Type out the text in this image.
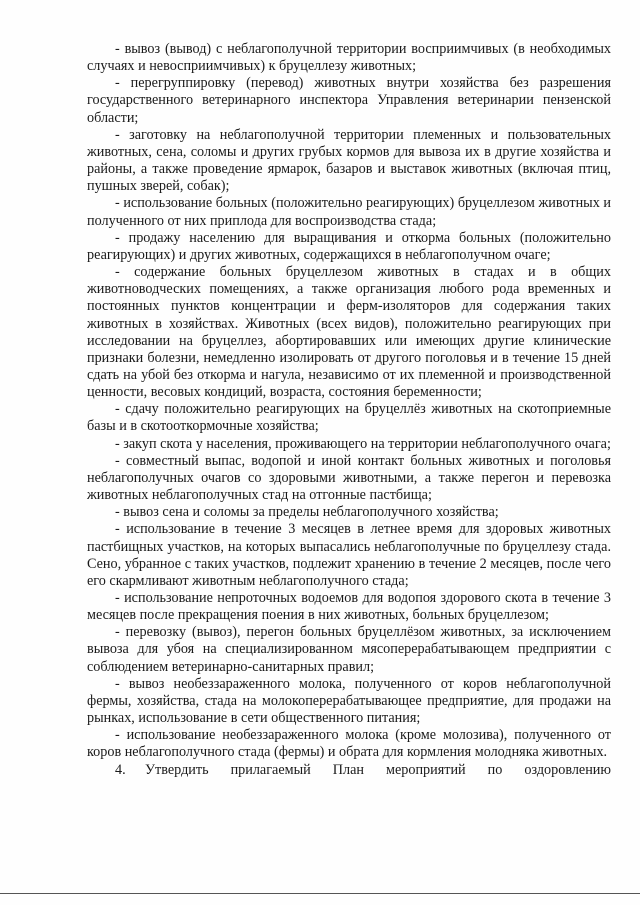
- вывоз (вывод) с неблагополучной территории восприимчивых (в необходимых случаях и невосприимчивых) к бруцеллезу животных;

- перегруппировку (перевод) животных внутри хозяйства без разрешения государственного ветеринарного инспектора Управления ветеринарии пензенской области;

- заготовку на неблагополучной территории племенных и пользовательных животных, сена, соломы и других грубых кормов для вывоза их в другие хозяйства и районы, а также проведение ярмарок, базаров и выставок животных (включая птиц, пушных зверей, собак);

- использование больных (положительно реагирующих) бруцеллезом животных и полученного от них приплода для воспроизводства стада;

- продажу населению для выращивания и откорма больных (положительно реагирующих) и других животных, содержащихся в неблагополучном очаге;

- содержание больных бруцеллезом животных в стадах и в общих животноводческих помещениях, а также организация любого рода временных и постоянных пунктов концентрации и ферм-изоляторов для содержания таких животных в хозяйствах. Животных (всех видов), положительно реагирующих при исследовании на бруцеллез, абортировавших или имеющих другие клинические признаки болезни, немедленно изолировать от другого поголовья и в течение 15 дней сдать на убой без откорма и нагула, независимо от их племенной и производственной ценности, весовых кондиций, возраста, состояния беременности;

- сдачу положительно реагирующих на бруцеллёз животных на скотоприемные базы и в скотооткормочные хозяйства;

- закуп скота у населения, проживающего на территории неблагополучного очага;

- совместный выпас, водопой и иной контакт больных животных и поголовья неблагополучных очагов со здоровыми животными, а также перегон и перевозка животных неблагополучных стад на отгонные пастбища;

- вывоз сена и соломы за пределы неблагополучного хозяйства;

- использование в течение 3 месяцев в летнее время для здоровых животных пастбищных участков, на которых выпасались неблагополучные по бруцеллезу стада. Сено, убранное с таких участков, подлежит хранению в течение 2 месяцев, после чего его скармливают животным неблагополучного стада;

- использование непроточных водоемов для водопоя здорового скота в течение 3 месяцев после прекращения поения в них животных, больных бруцеллезом;

- перевозку (вывоз), перегон больных бруцеллёзом животных, за исключением вывоза для убоя на специализированном мясоперерабатывающем предприятии с соблюдением ветеринарно-санитарных правил;

- вывоз необеззараженного молока, полученного от коров неблагополучной фермы, хозяйства, стада на молокоперерабатывающее предприятие, для продажи на рынках, использование в сети общественного питания;

- использование необеззараженного молока (кроме молозива), полученного от коров неблагополучного стада (фермы) и обрата для кормления молодняка животных.

4. Утвердить прилагаемый План мероприятий по оздоровлению
